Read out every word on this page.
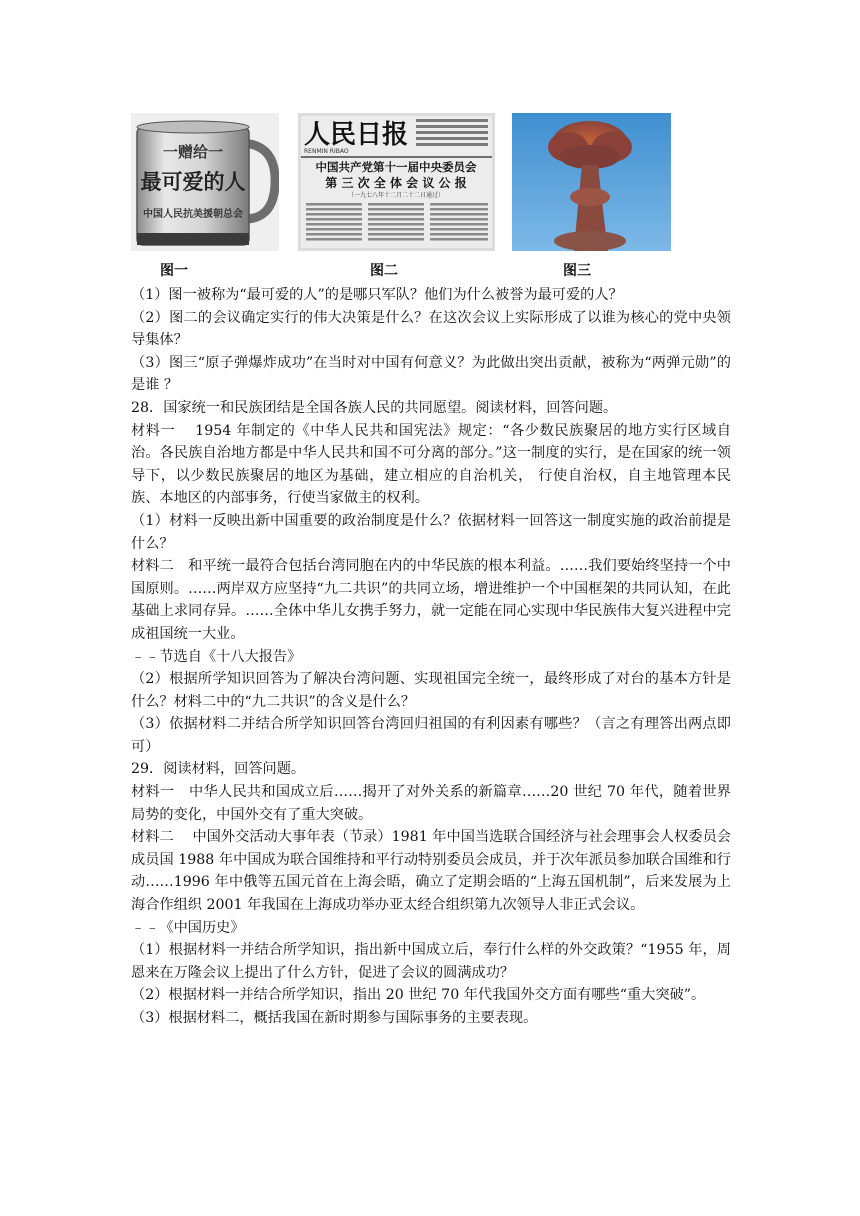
一赠给一
最可爱的人
中国人民抗美援朝总会
人民日报
RENMIN RIBAO
中国共产党第十一届中央委员会
第 三 次 全 体 会 议 公 报
（一九七八年十二月二十二日通过）
图一	图二	图三

（1）图一被称为“最可爱的人”的是哪只军队？他们为什么被誉为最可爱的人？

（2）图二的会议确定实行的伟大决策是什么？在这次会议上实际形成了以谁为核心的党中央领导集体？

（3）图三“原子弹爆炸成功”在当时对中国有何意义？为此做出突出贡献，被称为“两弹元勋”的是谁 ？

28．国家统一和民族团结是全国各族人民的共同愿望。阅读材料，回答问题。

材料一　 1954 年制定的《中华人民共和国宪法》规定：“各少数民族聚居的地方实行区域自治。各民族自治地方都是中华人民共和国不可分离的部分。”这一制度的实行，是在国家的统一领导下，以少数民族聚居的地区为基础，建立相应的自治机关， 行使自治权，自主地管理本民族、本地区的内部事务，行使当家做主的权利。

（1）材料一反映出新中国重要的政治制度是什么？依据材料一回答这一制度实施的政治前提是什么？

材料二　和平统一最符合包括台湾同胞在内的中华民族的根本利益。……我们要始终坚持一个中国原则。……两岸双方应坚持“九二共识”的共同立场，增进维护一个中国框架的共同认知，在此基础上求同存异。……全体中华儿女携手努力，就一定能在同心实现中华民族伟大复兴进程中完成祖国统一大业。

﹣﹣节选自《十八大报告》

（2）根据所学知识回答为了解决台湾问题、实现祖国完全统一，最终形成了对台的基本方针是什么？材料二中的“九二共识”的含义是什么？

（3）依据材料二并结合所学知识回答台湾回归祖国的有利因素有哪些？（言之有理答出两点即可）

29．阅读材料，回答问题。

材料一　中华人民共和国成立后……揭开了对外关系的新篇章……20 世纪 70 年代，随着世界局势的变化，中国外交有了重大突破。

材料二　 中国外交活动大事年表（节录）1981 年中国当选联合国经济与社会理事会人权委员会成员国 1988 年中国成为联合国维持和平行动特别委员会成员，并于次年派员参加联合国维和行动……1996 年中俄等五国元首在上海会晤，确立了定期会晤的“上海五国机制”，后来发展为上海合作组织 2001 年我国在上海成功举办亚太经合组织第九次领导人非正式会议。

﹣﹣《中国历史》

（1）根据材料一并结合所学知识，指出新中国成立后，奉行什么样的外交政策？“1955 年，周恩来在万隆会议上提出了什么方针，促进了会议的圆满成功？

（2）根据材料一并结合所学知识，指出 20 世纪 70 年代我国外交方面有哪些“重大突破”。

（3）根据材料二，概括我国在新时期参与国际事务的主要表现。
